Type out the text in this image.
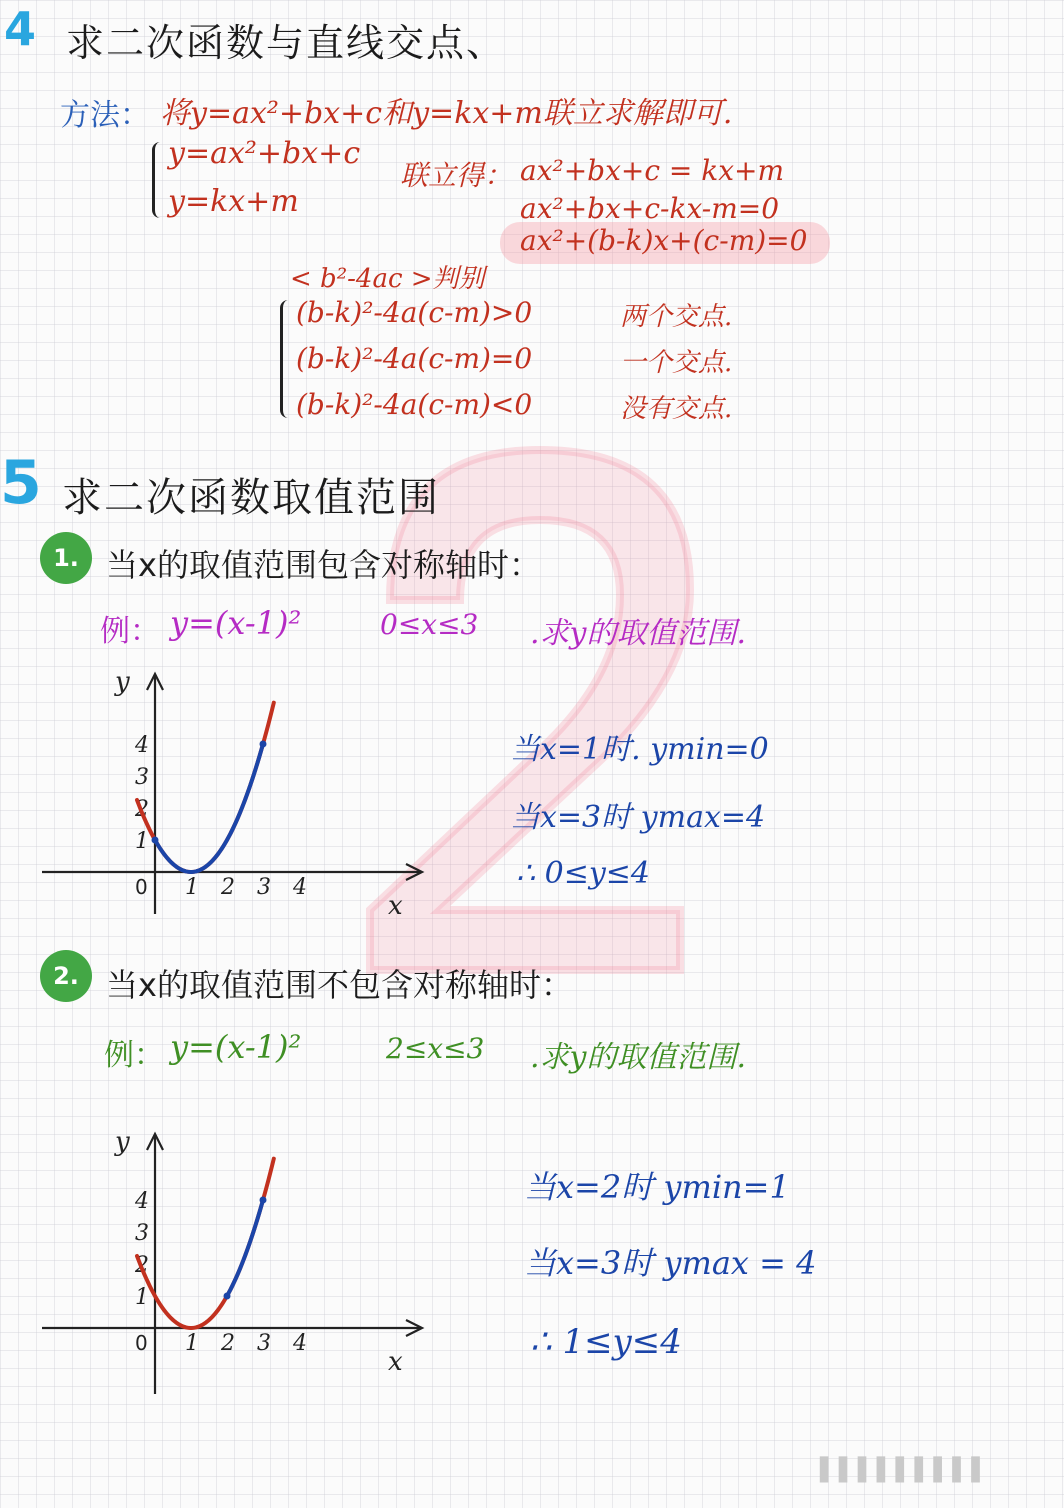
4 求二次函数与直线交点、
方法： 将y=ax²+bx+c和y=kx+m联立求解即可.
y=ax²+bx+c
y=kx+m
联立得： ax²+bx+c = kx+m
ax²+bx+c-kx-m=0
ax²+(b-k)x+(c-m)=0
< b²-4ac >判别
(b-k)²-4a(c-m)>0	两个交点.
(b-k)²-4a(c-m)=0	一个交点.
(b-k)²-4a(c-m)<0	没有交点.
5 求二次函数取值范围
1. 当x的取值范围包含对称轴时：
例： y=(x-1)²	0≤x≤3 .求y的取值范围.
x
y
0 1 2 3 4
1
2
3
4	当x=1时. ymin=0
当x=3时 ymax=4
∴ 0≤y≤4
2. 当x的取值范围不包含对称轴时：
例： y=(x-1)²	2≤x≤3 .求y的取值范围.
x
y
0 1 2 3 4
1
2
3
4	当x=2时 ymin=1
当x=3时 ymax = 4
∴ 1≤y≤4
▌▌▌▌▌▌▌▌▌
